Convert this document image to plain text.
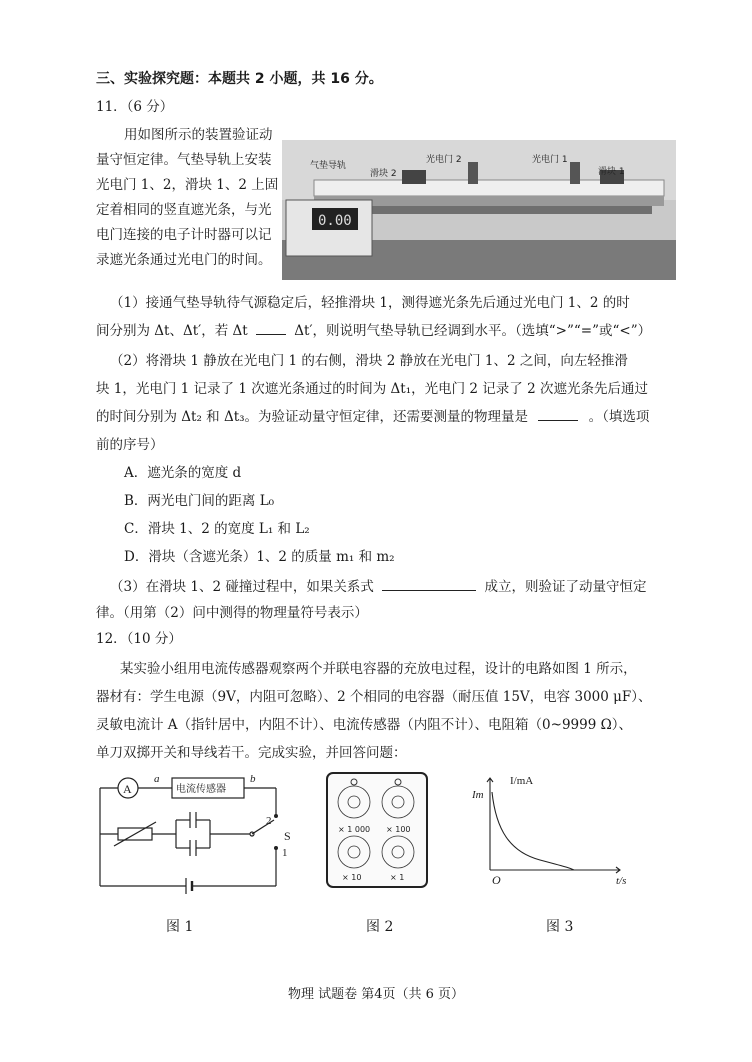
三、实验探究题：本题共 2 小题，共 16 分。
11．（6 分）
用如图所示的装置验证动
量守恒定律。气垫导轨上安装
光电门 1、2，滑块 1、2 上固
定着相同的竖直遮光条，与光
电门连接的电子计时器可以记
录遮光条通过光电门的时间。
0.00
气垫导轨
滑块 2
光电门 2	光电门 1
滑块 1
（1）接通气垫导轨待气源稳定后，轻推滑块 1，测得遮光条先后通过光电门 1、2 的时
间分别为 Δt、Δt′，若 Δt	Δt′，则说明气垫导轨已经调到水平。（选填“>”“=”或“<”）
（2）将滑块 1 静放在光电门 1 的右侧，滑块 2 静放在光电门 1、2 之间，向左轻推滑
块 1，光电门 1 记录了 1 次遮光条通过的时间为 Δt₁，光电门 2 记录了 2 次遮光条先后通过
的时间分别为 Δt₂ 和 Δt₃。为验证动量守恒定律，还需要测量的物理量是	。（填选项
前的序号）
A．遮光条的宽度 d
B．两光电门间的距离 L₀
C．滑块 1、2 的宽度 L₁ 和 L₂
D．滑块（含遮光条）1、2 的质量 m₁ 和 m₂
（3）在滑块 1、2 碰撞过程中，如果关系式	成立，则验证了动量守恒定
律。（用第（2）问中测得的物理量符号表示）
12．（10 分）
某实验小组用电流传感器观察两个并联电容器的充放电过程，设计的电路如图 1 所示，
器材有：学生电源（9V，内阻可忽略）、2 个相同的电容器（耐压值 15V，电容 3000 μF）、
灵敏电流计 A（指针居中，内阻不计）、电流传感器（内阻不计）、电阻箱（0~9999 Ω）、
单刀双掷开关和导线若干。完成实验，并回答问题：
A
a	b
电流传感器
2
S
1
× 1 000 × 100
× 10	× 1
I/mA
Im
O	t/s
图 1	图 2	图 3
物理 试题卷 第4页（共 6 页）
